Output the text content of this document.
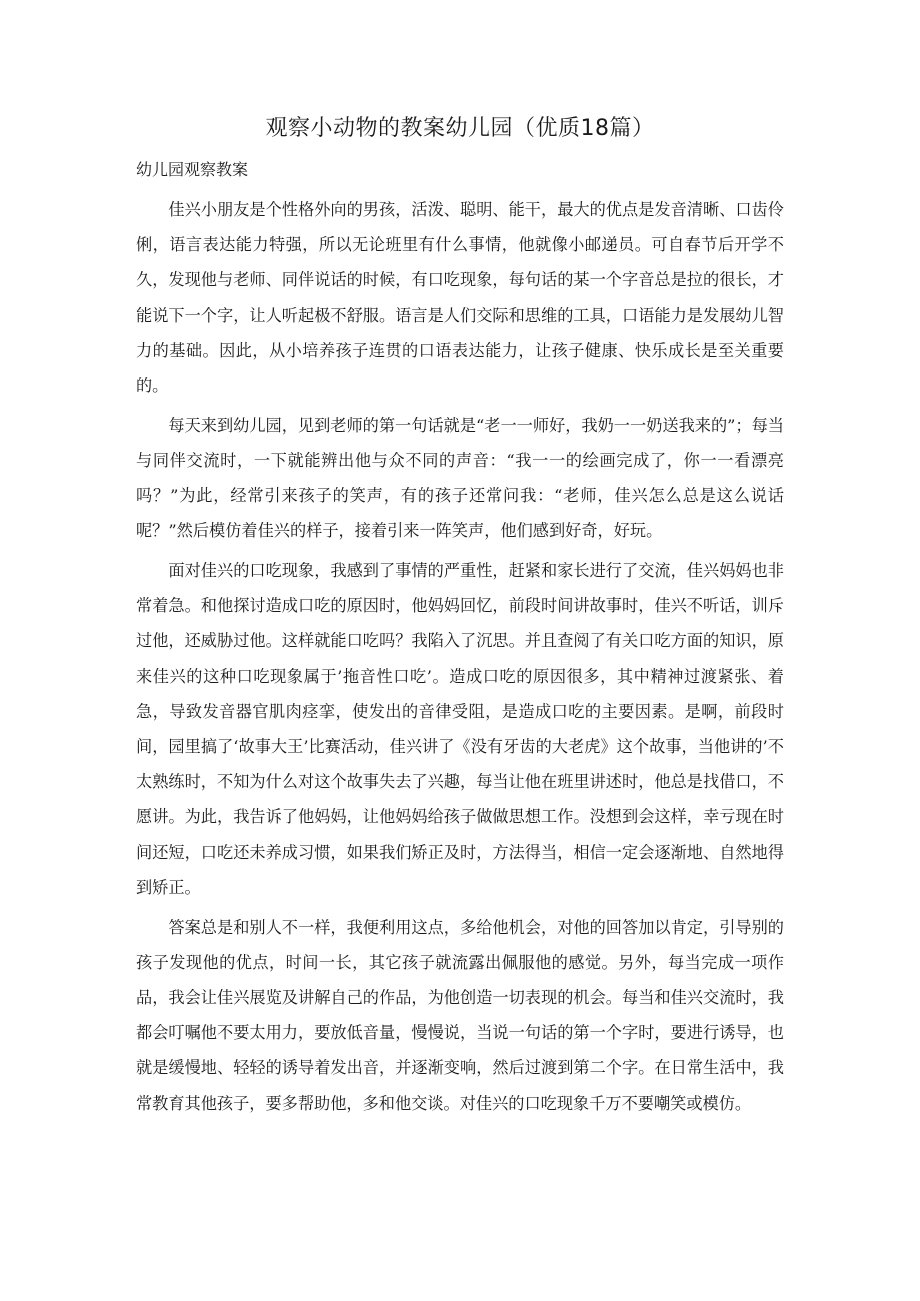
观察小动物的教案幼儿园（优质18篇）
幼儿园观察教案

佳兴小朋友是个性格外向的男孩，活泼、聪明、能干，最大的优点是发音清晰、口齿伶俐，语言表达能力特强，所以无论班里有什么事情，他就像小邮递员。可自春节后开学不久，发现他与老师、同伴说话的时候，有口吃现象，每句话的某一个字音总是拉的很长，才能说下一个字，让人听起极不舒服。语言是人们交际和思维的工具，口语能力是发展幼儿智力的基础。因此，从小培养孩子连贯的口语表达能力，让孩子健康、快乐成长是至关重要的。

每天来到幼儿园，见到老师的第一句话就是“老一一师好，我奶一一奶送我来的”；每当与同伴交流时，一下就能辨出他与众不同的声音：“我一一的绘画完成了，你一一看漂亮吗？”为此，经常引来孩子的笑声，有的孩子还常问我：“老师，佳兴怎么总是这么说话呢？”然后模仿着佳兴的样子，接着引来一阵笑声，他们感到好奇，好玩。

面对佳兴的口吃现象，我感到了事情的严重性，赶紧和家长进行了交流，佳兴妈妈也非常着急。和他探讨造成口吃的原因时，他妈妈回忆，前段时间讲故事时，佳兴不听话，训斥过他，还威胁过他。这样就能口吃吗？我陷入了沉思。并且查阅了有关口吃方面的知识，原来佳兴的这种口吃现象属于’拖音性口吃’。造成口吃的原因很多，其中精神过渡紧张、着急，导致发音器官肌肉痉挛，使发出的音律受阻，是造成口吃的主要因素。是啊，前段时间，园里搞了‘故事大王’比赛活动，佳兴讲了《没有牙齿的大老虎》这个故事，当他讲的’不太熟练时，不知为什么对这个故事失去了兴趣，每当让他在班里讲述时，他总是找借口，不愿讲。为此，我告诉了他妈妈，让他妈妈给孩子做做思想工作。没想到会这样，幸亏现在时间还短，口吃还未养成习惯，如果我们矫正及时，方法得当，相信一定会逐渐地、自然地得到矫正。

答案总是和别人不一样，我便利用这点，多给他机会，对他的回答加以肯定，引导别的孩子发现他的优点，时间一长，其它孩子就流露出佩服他的感觉。另外，每当完成一项作品，我会让佳兴展览及讲解自己的作品，为他创造一切表现的机会。每当和佳兴交流时，我都会叮嘱他不要太用力，要放低音量，慢慢说，当说一句话的第一个字时，要进行诱导，也就是缓慢地、轻轻的诱导着发出音，并逐渐变响，然后过渡到第二个字。在日常生活中，我常教育其他孩子，要多帮助他，多和他交谈。对佳兴的口吃现象千万不要嘲笑或模仿。
